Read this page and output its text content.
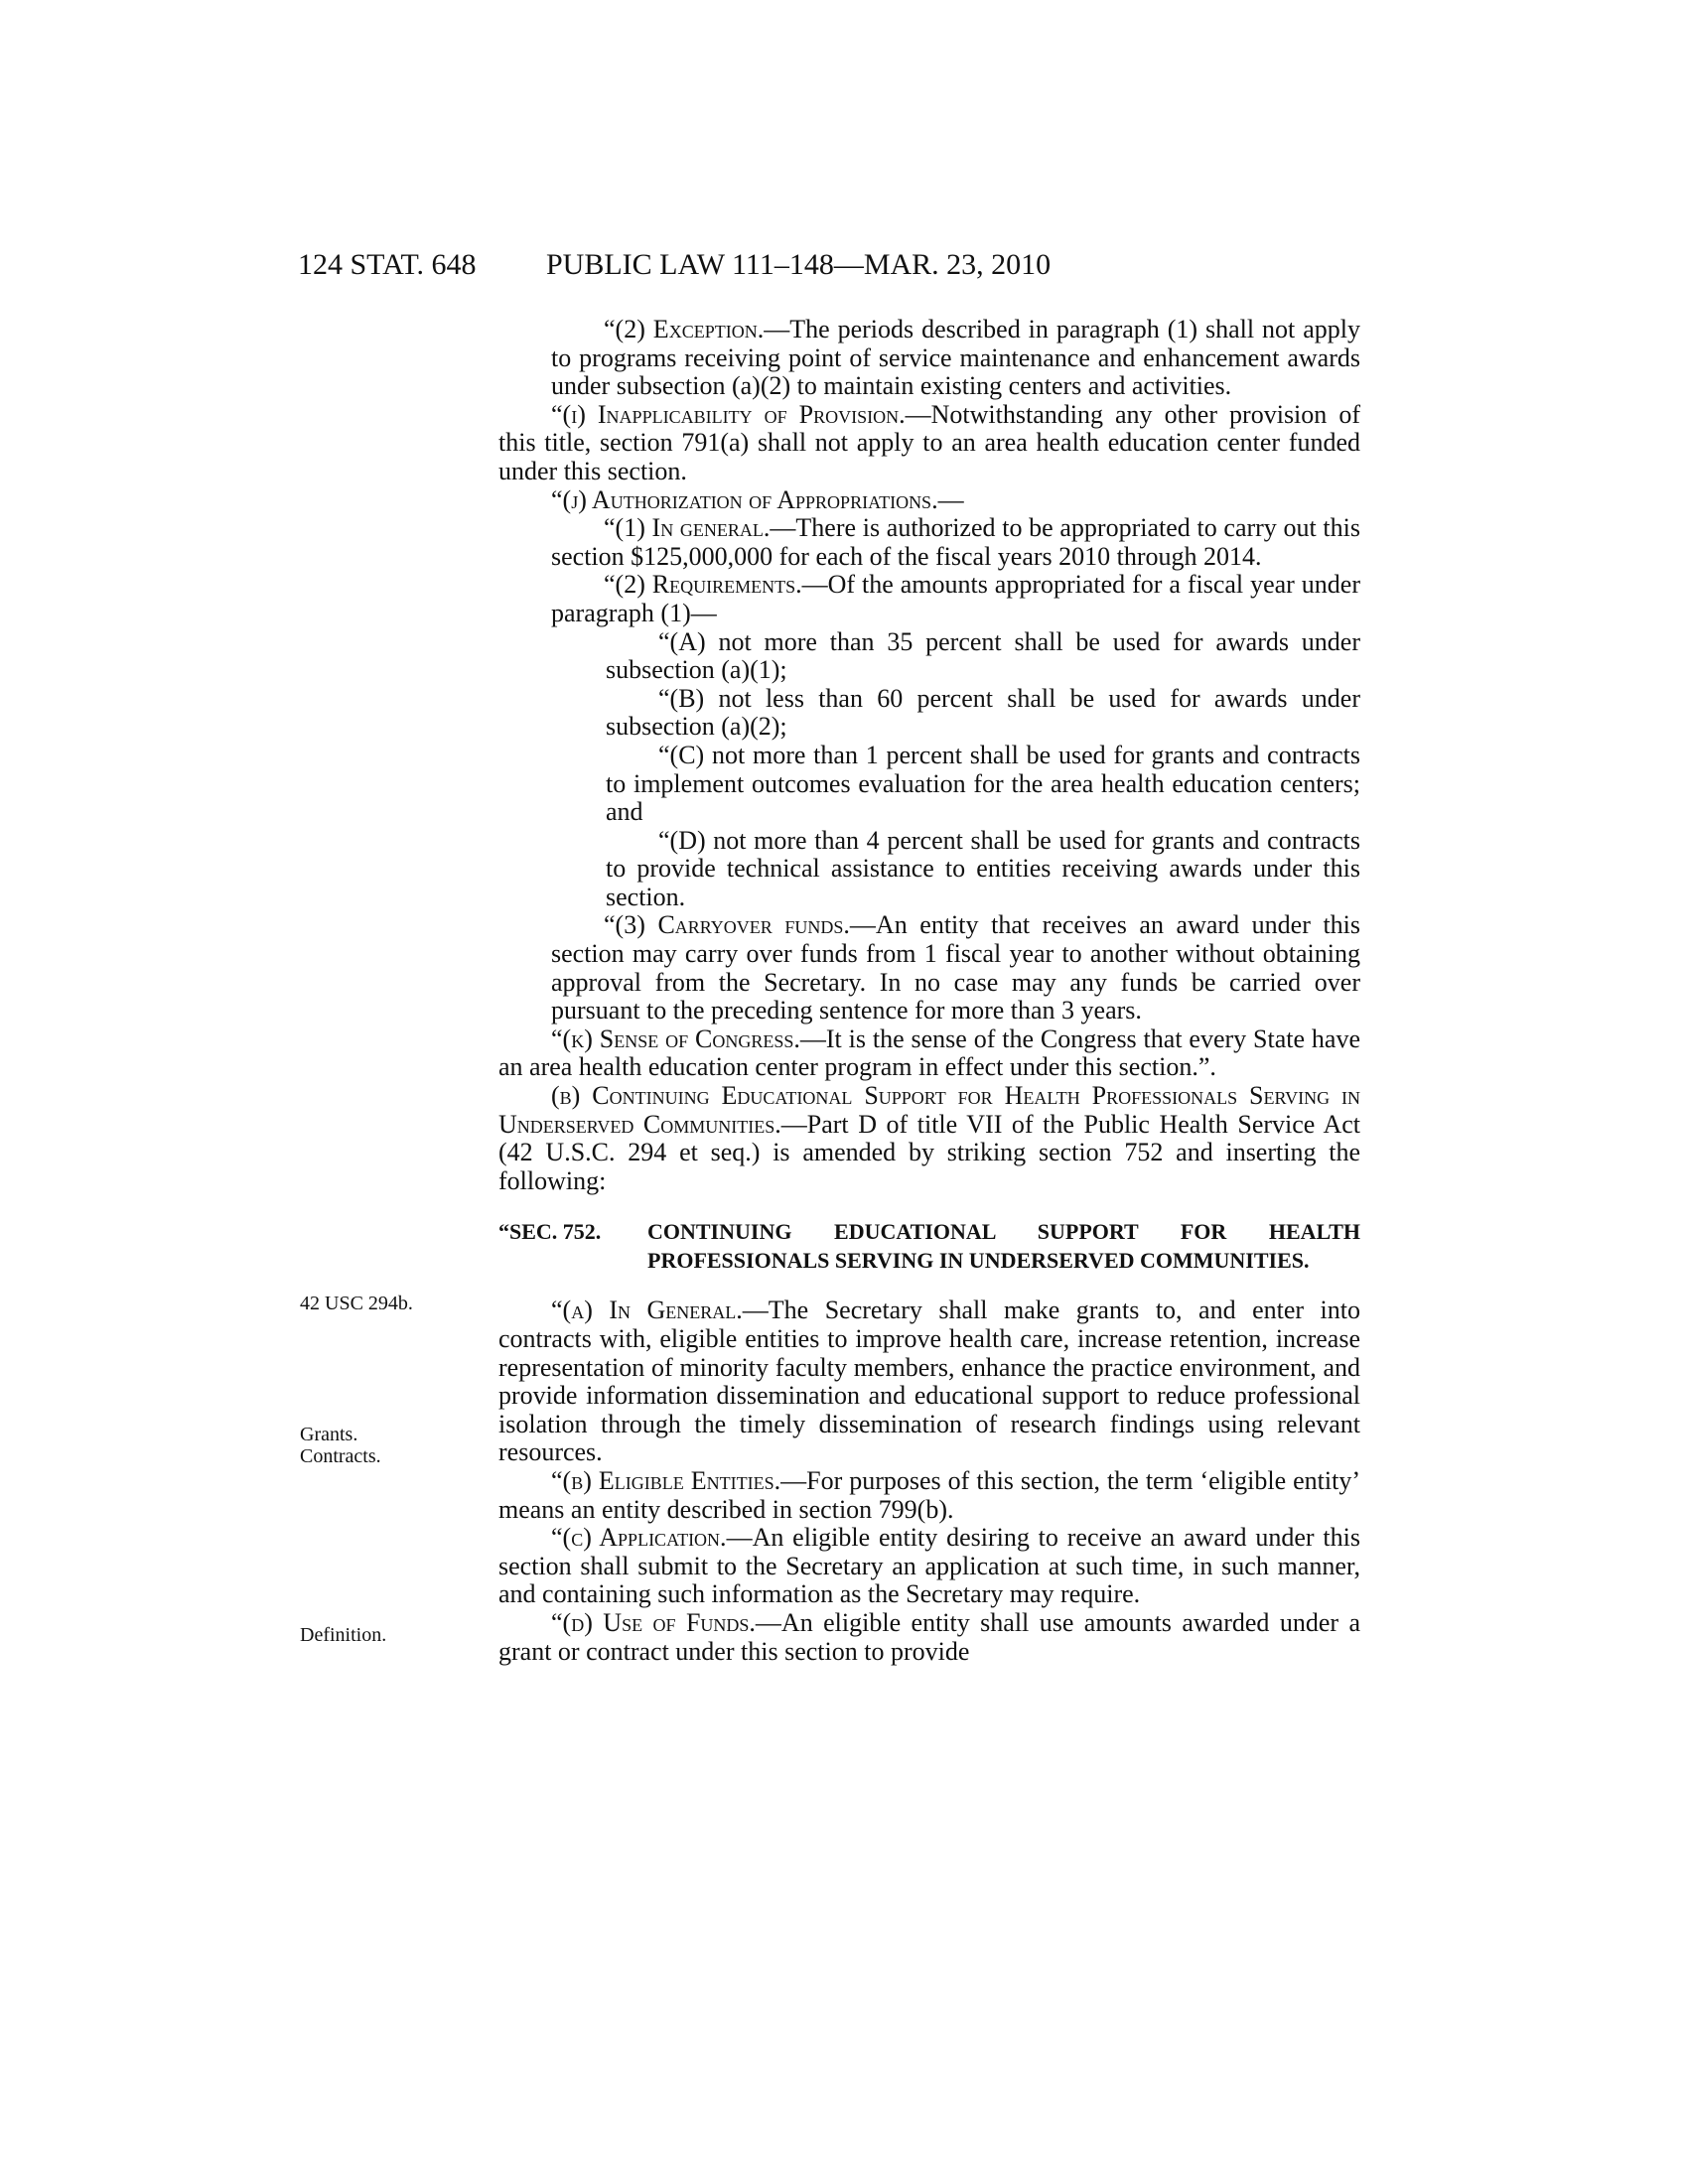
124 STAT. 648 PUBLIC LAW 111–148—MAR. 23, 2010
42 USC 294b.
Grants.
Contracts.
Definition.
“(2) Exception.—The periods described in paragraph (1) shall not apply to programs receiving point of service maintenance and enhancement awards under subsection (a)(2) to maintain existing centers and activities.
“(i) Inapplicability of Provision.—Notwithstanding any other provision of this title, section 791(a) shall not apply to an area health education center funded under this section.
“(j) Authorization of Appropriations.—
“(1) In general.—There is authorized to be appropriated to carry out this section $125,000,000 for each of the fiscal years 2010 through 2014.
“(2) Requirements.—Of the amounts appropriated for a fiscal year under paragraph (1)—
“(A) not more than 35 percent shall be used for awards under subsection (a)(1);
“(B) not less than 60 percent shall be used for awards under subsection (a)(2);
“(C) not more than 1 percent shall be used for grants and contracts to implement outcomes evaluation for the area health education centers; and
“(D) not more than 4 percent shall be used for grants and contracts to provide technical assistance to entities receiving awards under this section.
“(3) Carryover funds.—An entity that receives an award under this section may carry over funds from 1 fiscal year to another without obtaining approval from the Secretary. In no case may any funds be carried over pursuant to the preceding sentence for more than 3 years.
“(k) Sense of Congress.—It is the sense of the Congress that every State have an area health education center program in effect under this section.”.
(b) Continuing Educational Support for Health Professionals Serving in Underserved Communities.—Part D of title VII of the Public Health Service Act (42 U.S.C. 294 et seq.) is amended by striking section 752 and inserting the following:
“SEC. 752.	CONTINUING EDUCATIONAL SUPPORT FOR HEALTH PROFESSIONALS SERVING IN UNDERSERVED COMMUNITIES.
“(a) In General.—The Secretary shall make grants to, and enter into contracts with, eligible entities to improve health care, increase retention, increase representation of minority faculty members, enhance the practice environment, and provide information dissemination and educational support to reduce professional isolation through the timely dissemination of research findings using relevant resources.
“(b) Eligible Entities.—For purposes of this section, the term ‘eligible entity’ means an entity described in section 799(b).
“(c) Application.—An eligible entity desiring to receive an award under this section shall submit to the Secretary an application at such time, in such manner, and containing such information as the Secretary may require.
“(d) Use of Funds.—An eligible entity shall use amounts awarded under a grant or contract under this section to provide
